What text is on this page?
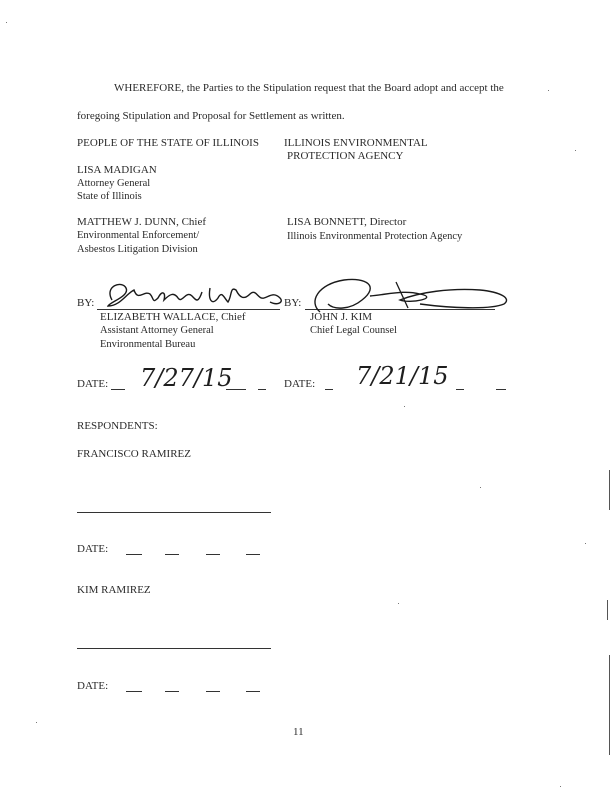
WHEREFORE, the Parties to the Stipulation request that the Board adopt and accept the
foregoing Stipulation and Proposal for Settlement as written.
PEOPLE OF THE STATE OF ILLINOIS ILLINOIS ENVIRONMENTAL
PROTECTION AGENCY
LISA MADIGAN
Attorney General
State of Illinois
MATTHEW J. DUNN, Chief
Environmental Enforcement/
Asbestos Litigation Division
LISA BONNETT, Director
Illinois Environmental Protection Agency
BY:	BY:
ELIZABETH WALLACE, Chief
Assistant Attorney General
Environmental Bureau
JOHN J. KIM
Chief Legal Counsel
DATE: 7/27/15	DATE: 7/21/15
RESPONDENTS:
FRANCISCO RAMIREZ
DATE:
KIM RAMIREZ
DATE:
11
